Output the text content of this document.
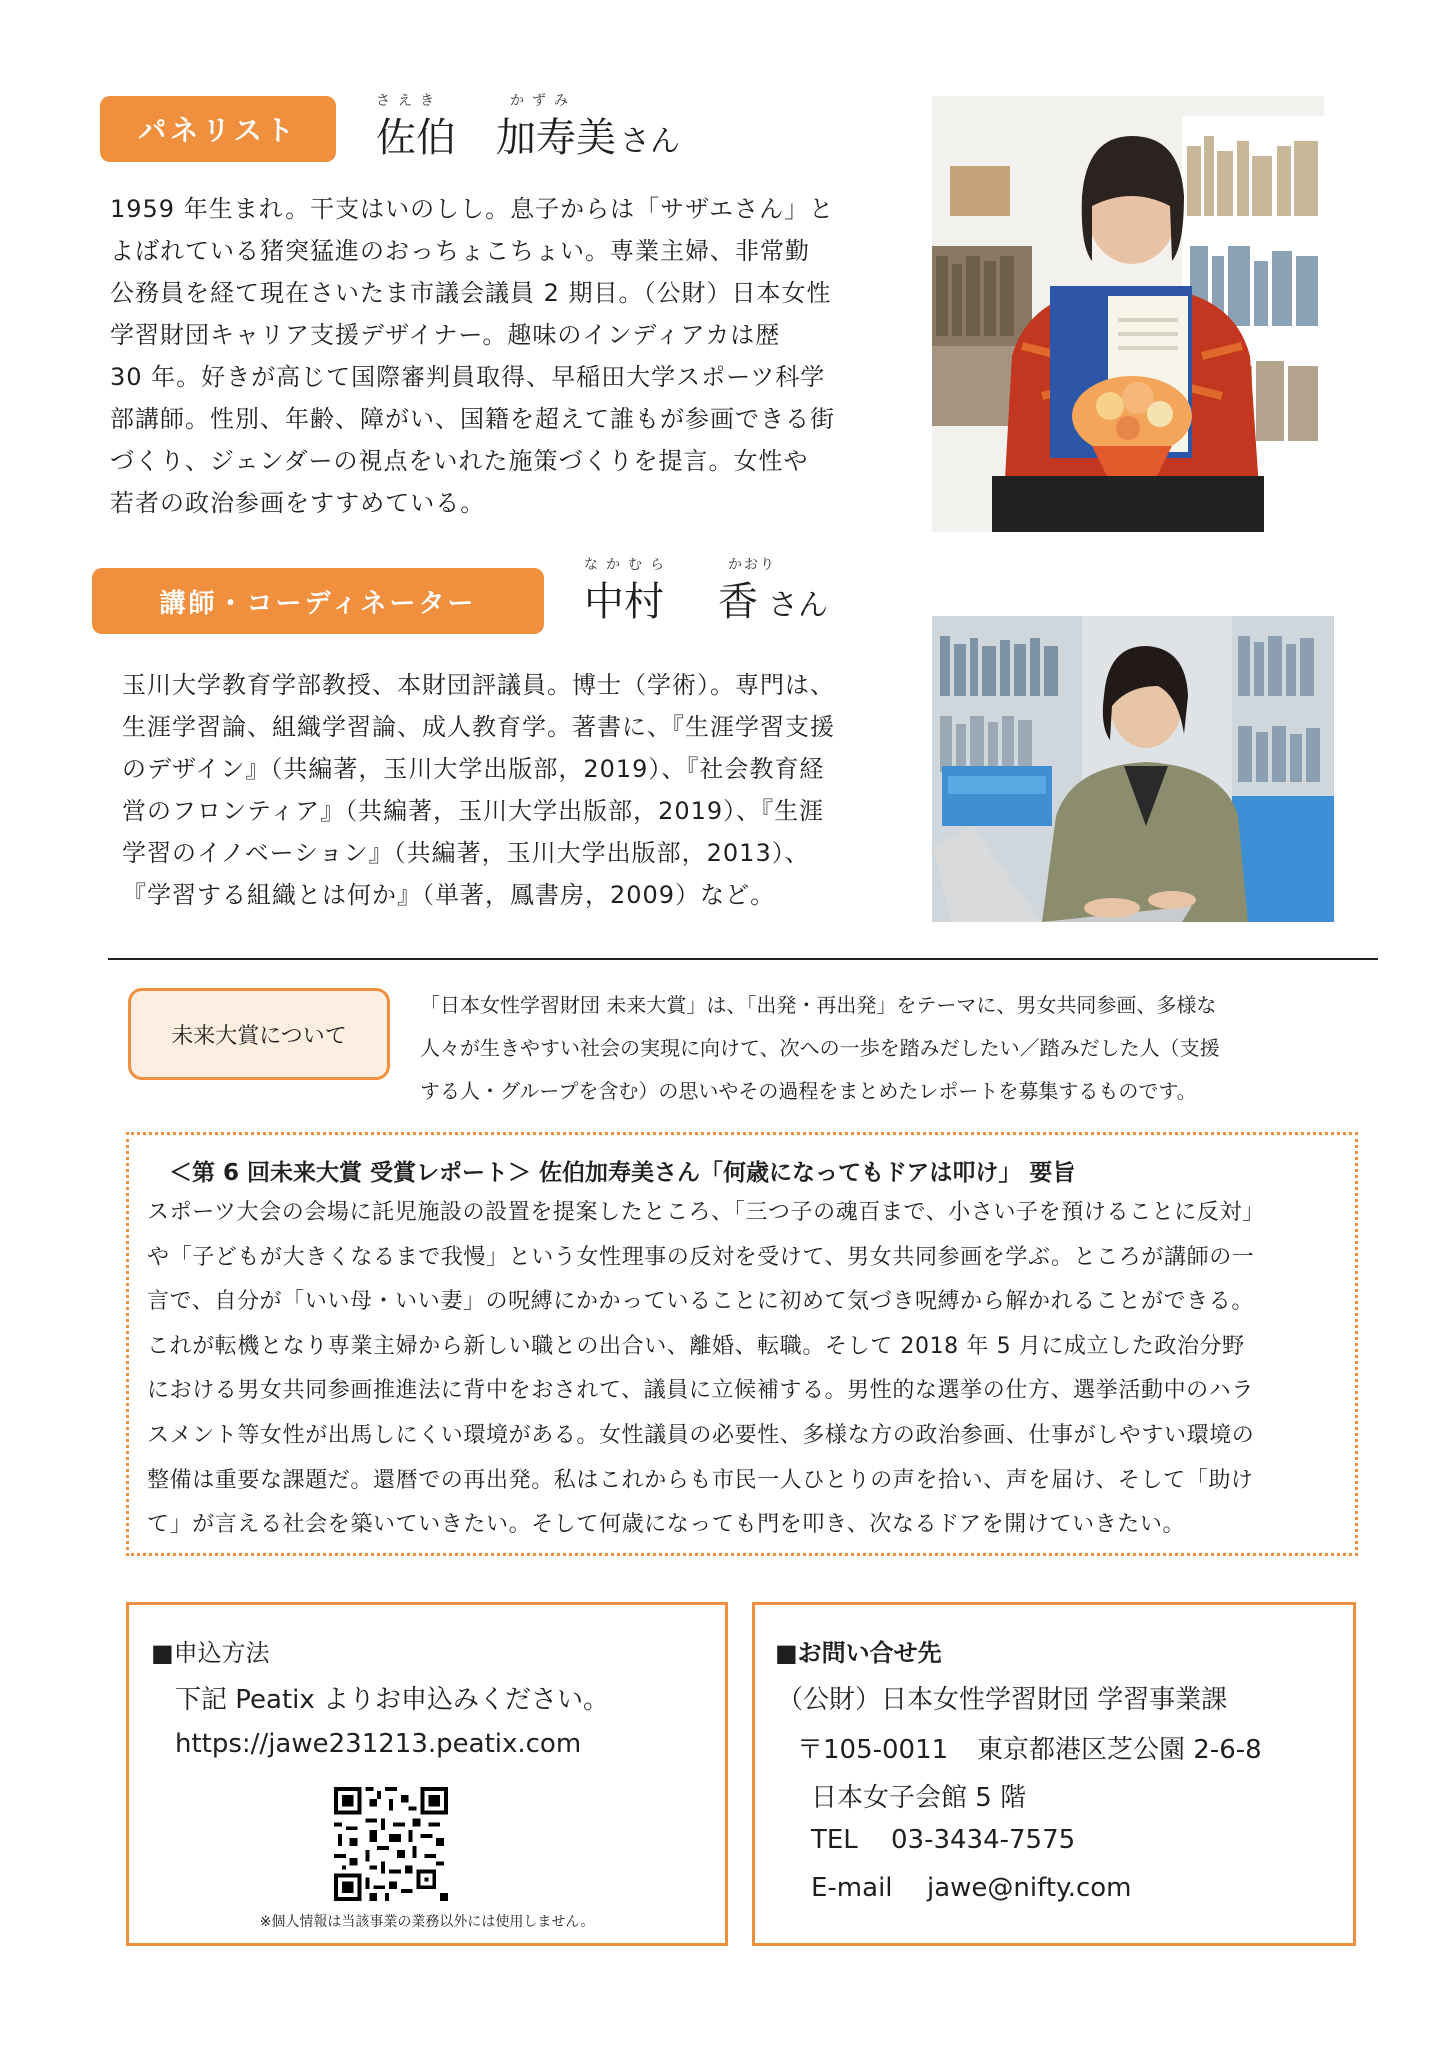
パネリスト
さえき	かずみ
佐伯 加寿美 さん
1959 年生まれ。干支はいのしし。息子からは「サザエさん」と
よばれている猪突猛進のおっちょこちょい。専業主婦、非常勤
公務員を経て現在さいたま市議会議員 2 期目。（公財）日本女性
学習財団キャリア支援デザイナー。趣味のインディアカは歴
30 年。好きが高じて国際審判員取得、早稲田大学スポーツ科学
部講師。性別、年齢、障がい、国籍を超えて誰もが参画できる街
づくり、ジェンダーの視点をいれた施策づくりを提言。女性や
若者の政治参画をすすめている。
講師・コーディネーター
なかむら	かおり
中村 香 さん
玉川大学教育学部教授、本財団評議員。博士（学術）。専門は、
生涯学習論、組織学習論、成人教育学。著書に、『生涯学習支援
のデザイン』（共編著，玉川大学出版部，2019）、『社会教育経
営のフロンティア』（共編著，玉川大学出版部，2019）、『生涯
学習のイノベーション』（共編著，玉川大学出版部，2013）、
『学習する組織とは何か』（単著，鳳書房，2009）など。
未来大賞について
「日本女性学習財団 未来大賞」は、「出発・再出発」をテーマに、男女共同参画、多様な
人々が生きやすい社会の実現に向けて、次への一歩を踏みだしたい／踏みだした人（支援
する人・グループを含む）の思いやその過程をまとめたレポートを募集するものです。
＜第 6 回未来大賞 受賞レポート＞ 佐伯加寿美さん「何歳になってもドアは叩け」 要旨
スポーツ大会の会場に託児施設の設置を提案したところ、「三つ子の魂百まで、小さい子を預けることに反対」
や「子どもが大きくなるまで我慢」という女性理事の反対を受けて、男女共同参画を学ぶ。ところが講師の一
言で、自分が「いい母・いい妻」の呪縛にかかっていることに初めて気づき呪縛から解かれることができる。
これが転機となり専業主婦から新しい職との出合い、離婚、転職。そして 2018 年 5 月に成立した政治分野
における男女共同参画推進法に背中をおされて、議員に立候補する。男性的な選挙の仕方、選挙活動中のハラ
スメント等女性が出馬しにくい環境がある。女性議員の必要性、多様な方の政治参画、仕事がしやすい環境の
整備は重要な課題だ。還暦での再出発。私はこれからも市民一人ひとりの声を拾い、声を届け、そして「助け
て」が言える社会を築いていきたい。そして何歳になっても門を叩き、次なるドアを開けていきたい。
■申込方法
下記 Peatix よりお申込みください。
https://jawe231213.peatix.com
※個人情報は当該事業の業務以外には使用しません。
■お問い合せ先
（公財）日本女性学習財団 学習事業課
〒105-0011 東京都港区芝公園 2-6-8
日本女子会館 5 階
TEL 03-3434-7575
E-mail jawe@nifty.com
